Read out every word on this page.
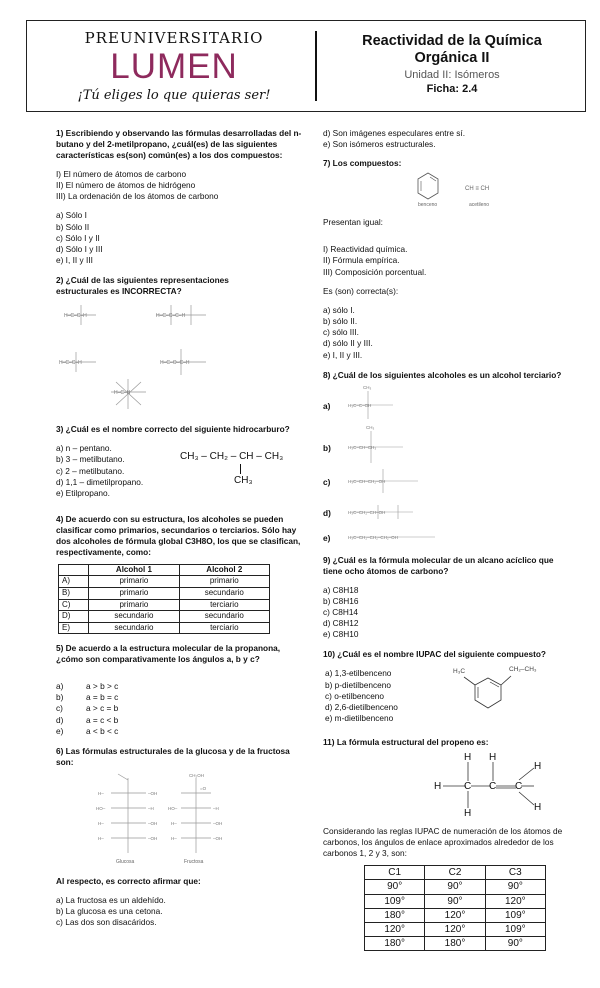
PREUNIVERSITARIO
LUMEN
¡Tú eliges lo que quieras ser!
Reactividad de la Química
Orgánica II
Unidad II: Isómeros
Ficha: 2.4
1) Escribiendo y observando las fórmulas desarrolladas del n-butano y del 2-metilpropano, ¿cuál(es) de las siguientes características es(son) común(es) a los dos compuestos:
I) El número de átomos de carbono
II) El número de átomos de hidrógeno
III) La ordenación de los átomos de carbono
a) Sólo I
b) Sólo II
c) Sólo I y II
d) Sólo I y III
e) I, II y III
2) ¿Cuál de las siguientes representaciones estructurales es INCORRECTA?
H–C–C–H	H–C–C–C–H
H–C–C–H	H–C–O–C–H
H–C–H
3) ¿Cuál es el nombre correcto del siguiente hidrocarburo?
a) n – pentano.
b) 3 – metilbutano.
c) 2 – metilbutano.
d) 1,1 – dimetilpropano.
e) Etilpropano.
CH₃ – CH₂ – CH – CH₃
CH₃
4) De acuerdo con su estructura, los alcoholes se pueden clasificar como primarios, secundarios o terciarios. Sólo hay dos alcoholes de fórmula global C3H8O, los que se clasifican, respectivamente, como:
	Alcohol 1	Alcohol 2
A)	primario	primario
B)	primario	secundario
C)	primario	terciario
D)	secundario	secundario
E)	secundario	terciario
5) De acuerdo a la estructura molecular de la propanona, ¿cómo son comparativamente los ángulos a, b y c?
a)	a > b > c
b)	a = b = c
c)	a > c = b
d)	a = c < b
e)	a < b < c
6) Las fórmulas estructurales de la glucosa y de la fructosa son:
H–	–OH
HO–	–H
H–	–OH
H–	–OH
CH₂OH
=O
HO–	–H
H–	–OH
H–	–OH
Glucosa	Fructosa
Al respecto, es correcto afirmar que:
a) La fructosa es un aldehído.
b) La glucosa es una cetona.
c) Las dos son disacáridos.
d) Son imágenes especulares entre sí.
e) Son isómeros estructurales.
7) Los compuestos:
benceno
CH ≡ CH
acetileno
Presentan igual:
I) Reactividad química.
II) Fórmula empírica.
III) Composición porcentual.
Es (son) correcta(s):
a) sólo I.
b) sólo II.
c) sólo III.
d) sólo II y III.
e) I, II y III.
8) ¿Cuál de los siguientes alcoholes es un alcohol terciario?
a)
b)
c)
d)
e)
H₃C–C–OH
CH₃
H₃C–CH–CH₃
CH₃
H₃C–CH–CH₂–OH
H₃C–CH₂–CH–OH
H₃C–CH₂–CH₂–CH₂–OH
9) ¿Cuál es la fórmula molecular de un alcano acíclico que tiene ocho átomos de carbono?
a) C8H18
b) C8H16
c) C8H14
d) C8H12
e) C8H10
10) ¿Cuál es el nombre IUPAC del siguiente compuesto?
a) 1,3-etilbenceno
b) p-dietilbenceno
c) o-etilbenceno
d) 2,6-dietilbenceno
e) m-dietilbenceno
H₃C	CH₂–CH₃
11) La fórmula estructural del propeno es:
H C C C
H H
H
H
H
Considerando las reglas IUPAC de numeración de los átomos de carbonos, los ángulos de enlace aproximados alrededor de los carbonos 1, 2 y 3, son:
C1	C2	C3
90°	90°	90°
109°	90°	120°
180°	120°	109°
120°	120°	109°
180°	180°	90°
